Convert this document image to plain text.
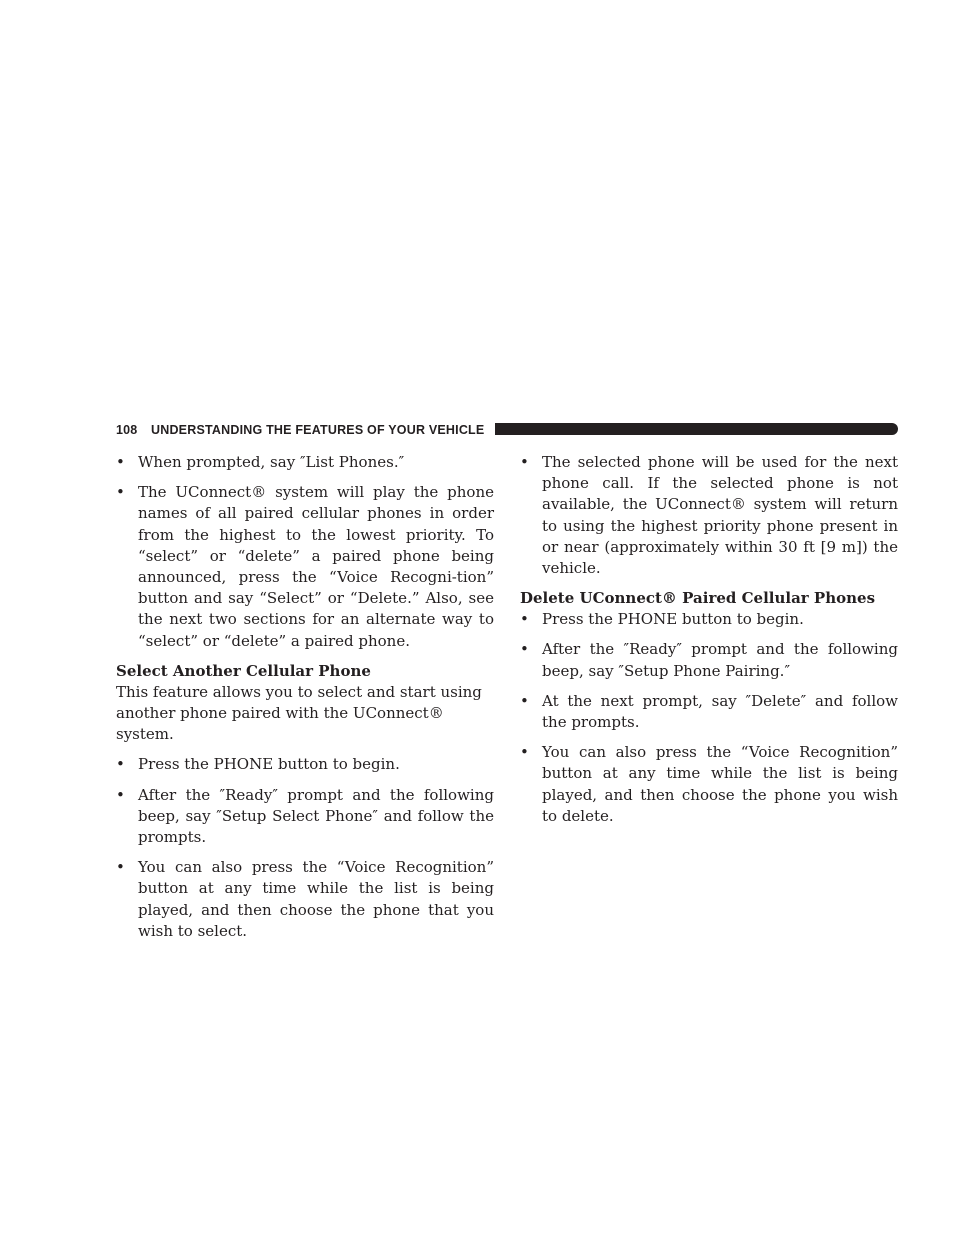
108 UNDERSTANDING THE FEATURES OF YOUR VEHICLE
• When prompted, say ″List Phones.″
• The UConnect® system will play the phone names of all paired cellular phones in order from the highest to the lowest priority. To “select” or “delete” a paired phone being announced, press the “Voice Recogni-tion” button and say “Select” or “Delete.” Also, see the next two sections for an alternate way to “select” or “delete” a paired phone.
Select Another Cellular Phone
This feature allows you to select and start using another phone paired with the UConnect® system.
• Press the PHONE button to begin.
• After the ″Ready″ prompt and the following beep, say ″Setup Select Phone″ and follow the prompts.
• You can also press the “Voice Recognition” button at any time while the list is being played, and then choose the phone that you wish to select.
• The selected phone will be used for the next phone call. If the selected phone is not available, the UConnect® system will return to using the highest priority phone present in or near (approximately within 30 ft [9 m]) the vehicle.
Delete UConnect® Paired Cellular Phones
• Press the PHONE button to begin.
• After the ″Ready″ prompt and the following beep, say ″Setup Phone Pairing.″
• At the next prompt, say ″Delete″ and follow the prompts.
• You can also press the “Voice Recognition” button at any time while the list is being played, and then choose the phone you wish to delete.
